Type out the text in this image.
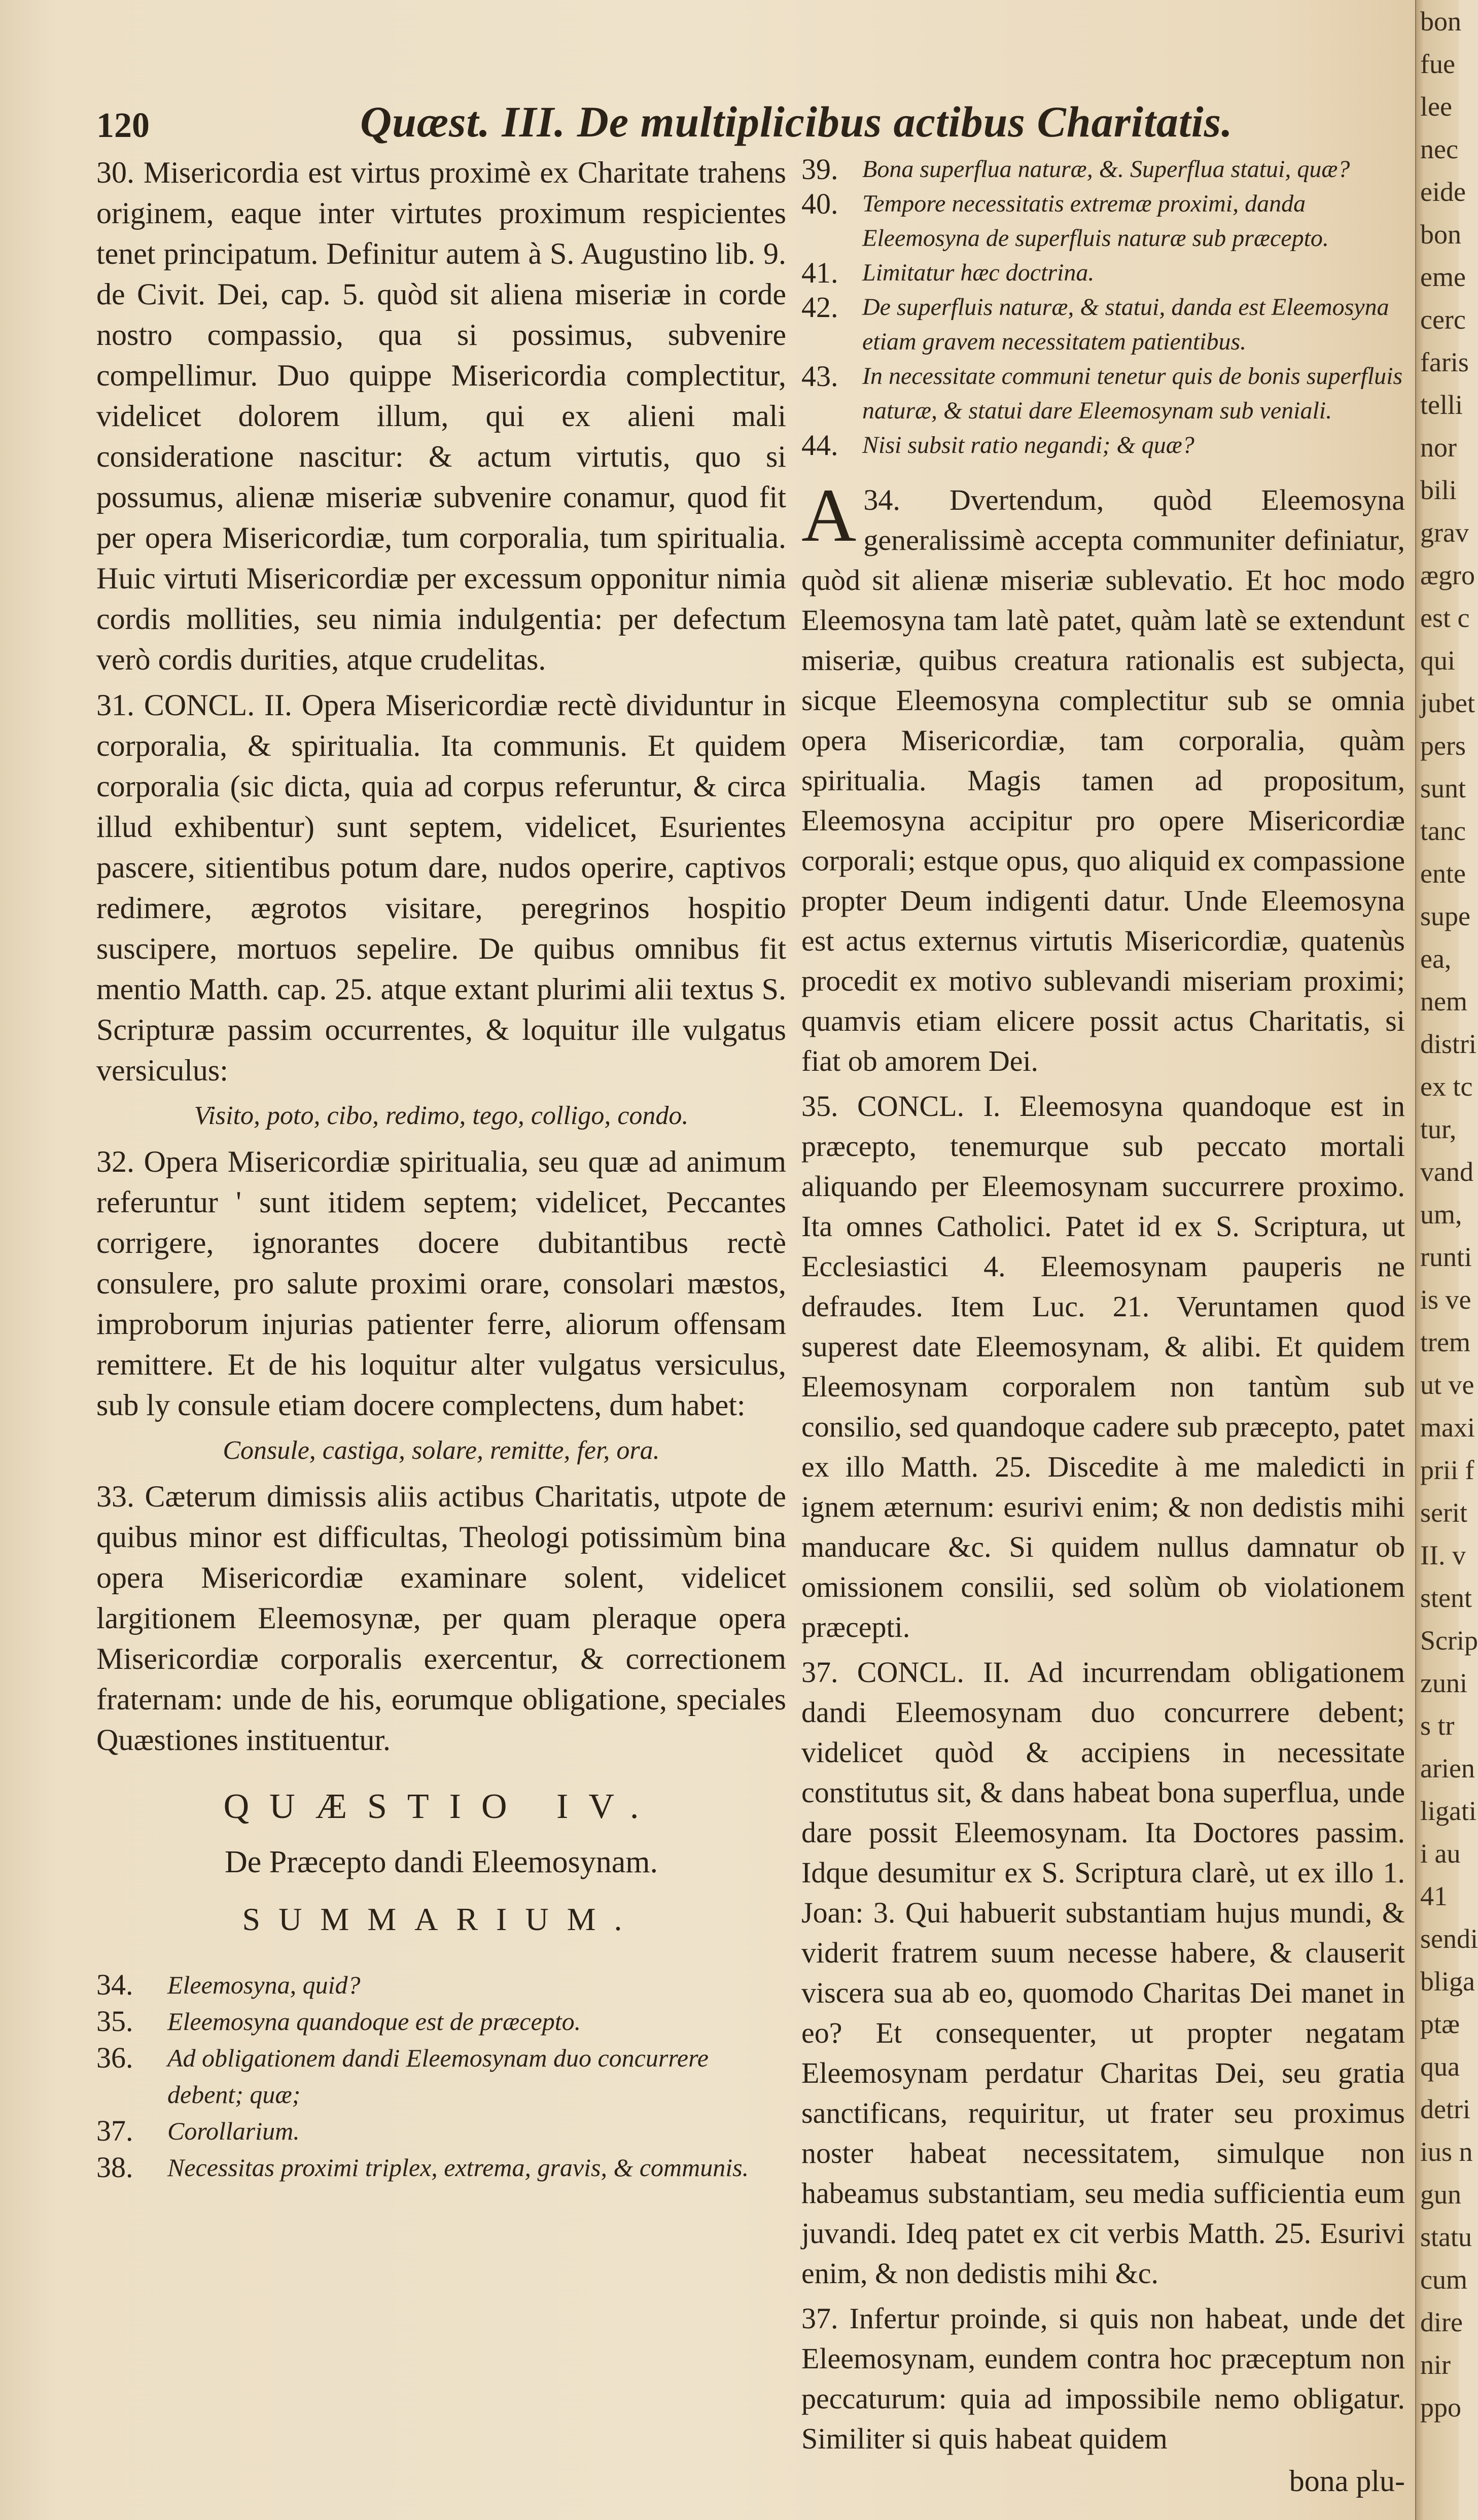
120	Quæst. III. De multiplicibus actibus Charitatis.

30. Misericordia est virtus proximè ex Charitate trahens originem, eaque inter virtutes proximum respicientes tenet principatum. Definitur autem à S. Augustino lib. 9. de Civit. Dei, cap. 5. quòd sit aliena miseriæ in corde nostro compassio, qua si possimus, subvenire compellimur. Duo quippe Misericordia complectitur, videlicet dolorem illum, qui ex alieni mali consideratione nascitur: & actum virtutis, quo si possumus, alienæ miseriæ subvenire conamur, quod fit per opera Misericordiæ, tum corporalia, tum spiritualia. Huic virtuti Misericordiæ per excessum opponitur nimia cordis mollities, seu nimia indulgentia: per defectum verò cordis durities, atque crudelitas.

31. CONCL. II. Opera Misericordiæ rectè dividuntur in corporalia, & spiritualia. Ita communis. Et quidem corporalia (sic dicta, quia ad corpus referuntur, & circa illud exhibentur) sunt septem, videlicet, Esurientes pascere, sitientibus potum dare, nudos operire, captivos redimere, ægrotos visitare, peregrinos hospitio suscipere, mortuos sepelire. De quibus omnibus fit mentio Matth. cap. 25. atque extant plurimi alii textus S. Scripturæ passim occurrentes, & loquitur ille vulgatus versiculus:

Visito, poto, cibo, redimo, tego, colligo, condo.

32. Opera Misericordiæ spiritualia, seu quæ ad animum referuntur ' sunt itidem septem; videlicet, Peccantes corrigere, ignorantes docere dubitantibus rectè consulere, pro salute proximi orare, consolari mæstos, improborum injurias patienter ferre, aliorum offensam remittere. Et de his loquitur alter vulgatus versiculus, sub ly consule etiam docere complectens, dum habet:

Consule, castiga, solare, remitte, fer, ora.

33. Cæterum dimissis aliis actibus Charitatis, utpote de quibus minor est difficultas, Theologi potissimùm bina opera Misericordiæ examinare solent, videlicet largitionem Eleemosynæ, per quam pleraque opera Misericordiæ corporalis exercentur, & correctionem fraternam: unde de his, eorumque obligatione, speciales Quæstiones instituentur.

QUÆSTIO IV.
De Præcepto dandi Eleemosynam.
SUMMARIUM.
34.	Eleemosyna, quid?
35.	Eleemosyna quandoque est de præcepto.
36.	Ad obligationem dandi Eleemosynam duo concurrere debent; quæ;
37.	Corollarium.
38.	Necessitas proximi triplex, extrema, gravis, & communis.
39. Bona superflua naturæ, &. Superflua statui, quæ?
40. Tempore necessitatis extremæ proximi, danda Eleemosyna de superfluis naturæ sub præcepto.
41. Limitatur hæc doctrina.
42. De superfluis naturæ, & statui, danda est Eleemosyna etiam gravem necessitatem patientibus.
43. In necessitate communi tenetur quis de bonis superfluis naturæ, & statui dare Eleemosynam sub veniali.
44. Nisi subsit ratio negandi; & quæ?

34.
A	Dvertendum, quòd Eleemosyna generalissimè accepta communiter definiatur, quòd sit alienæ miseriæ sublevatio. Et hoc modo Eleemosyna tam latè patet, quàm latè se extendunt miseriæ, quibus creatura rationalis est subjecta, sicque Eleemosyna complectitur sub se omnia opera Misericordiæ, tam corporalia, quàm spiritualia. Magis tamen ad propositum, Eleemosyna accipitur pro opere Misericordiæ corporali; estque opus, quo aliquid ex compassione propter Deum indigenti datur. Unde Eleemosyna est actus externus virtutis Misericordiæ, quatenùs procedit ex motivo sublevandi miseriam proximi; quamvis etiam elicere possit actus Charitatis, si fiat ob amorem Dei.

35. CONCL. I. Eleemosyna quandoque est in præcepto, tenemurque sub peccato mortali aliquando per Eleemosynam succurrere proximo. Ita omnes Catholici. Patet id ex S. Scriptura, ut Ecclesiastici 4. Eleemosynam pauperis ne defraudes. Item Luc. 21. Veruntamen quod superest date Eleemosynam, & alibi. Et quidem Eleemosynam corporalem non tantùm sub consilio, sed quandoque cadere sub præcepto, patet ex illo Matth. 25. Discedite à me maledicti in ignem æternum: esurivi enim; & non dedistis mihi manducare &c. Si quidem nullus damnatur ob omissionem consilii, sed solùm ob violationem præcepti.

37. CONCL. II. Ad incurrendam obligationem dandi Eleemosynam duo concurrere debent; videlicet quòd & accipiens in necessitate constitutus sit, & dans habeat bona superflua, unde dare possit Eleemosynam. Ita Doctores passim. Idque desumitur ex S. Scriptura clarè, ut ex illo 1. Joan: 3. Qui habuerit substantiam hujus mundi, & viderit fratrem suum necesse habere, & clauserit viscera sua ab eo, quomodo Charitas Dei manet in eo? Et consequenter, ut propter negatam Eleemosynam perdatur Charitas Dei, seu gratia sanctificans, requiritur, ut frater seu proximus noster habeat necessitatem, simulque non habeamus substantiam, seu media sufficientia eum juvandi. Ideq patet ex cit verbis Matth. 25. Esurivi enim, & non dedistis mihi &c.

37. Infertur proinde, si quis non habeat, unde det Eleemosynam, eundem contra hoc præceptum non peccaturum: quia ad impossibile nemo obligatur. Similiter si quis habeat quidem

bona plu-
bon
fue
lee
nec
eide
bon
eme
cerc
faris
telli
nor
bili
grav
ægro
est c
qui
jubet
pers
sunt
tanc
ente
supe
ea,
nem
distri
ex tc
tur,
vand
um,
runti
is ve
trem
ut ve
maxi
prii f
serit
II. v
stent
Scrip
zuni
s tr
arien
ligati
i au
41
sendi
bliga
ptæ
qua
detri
ius n
gun
statu
cum
dire
nir
ppo
